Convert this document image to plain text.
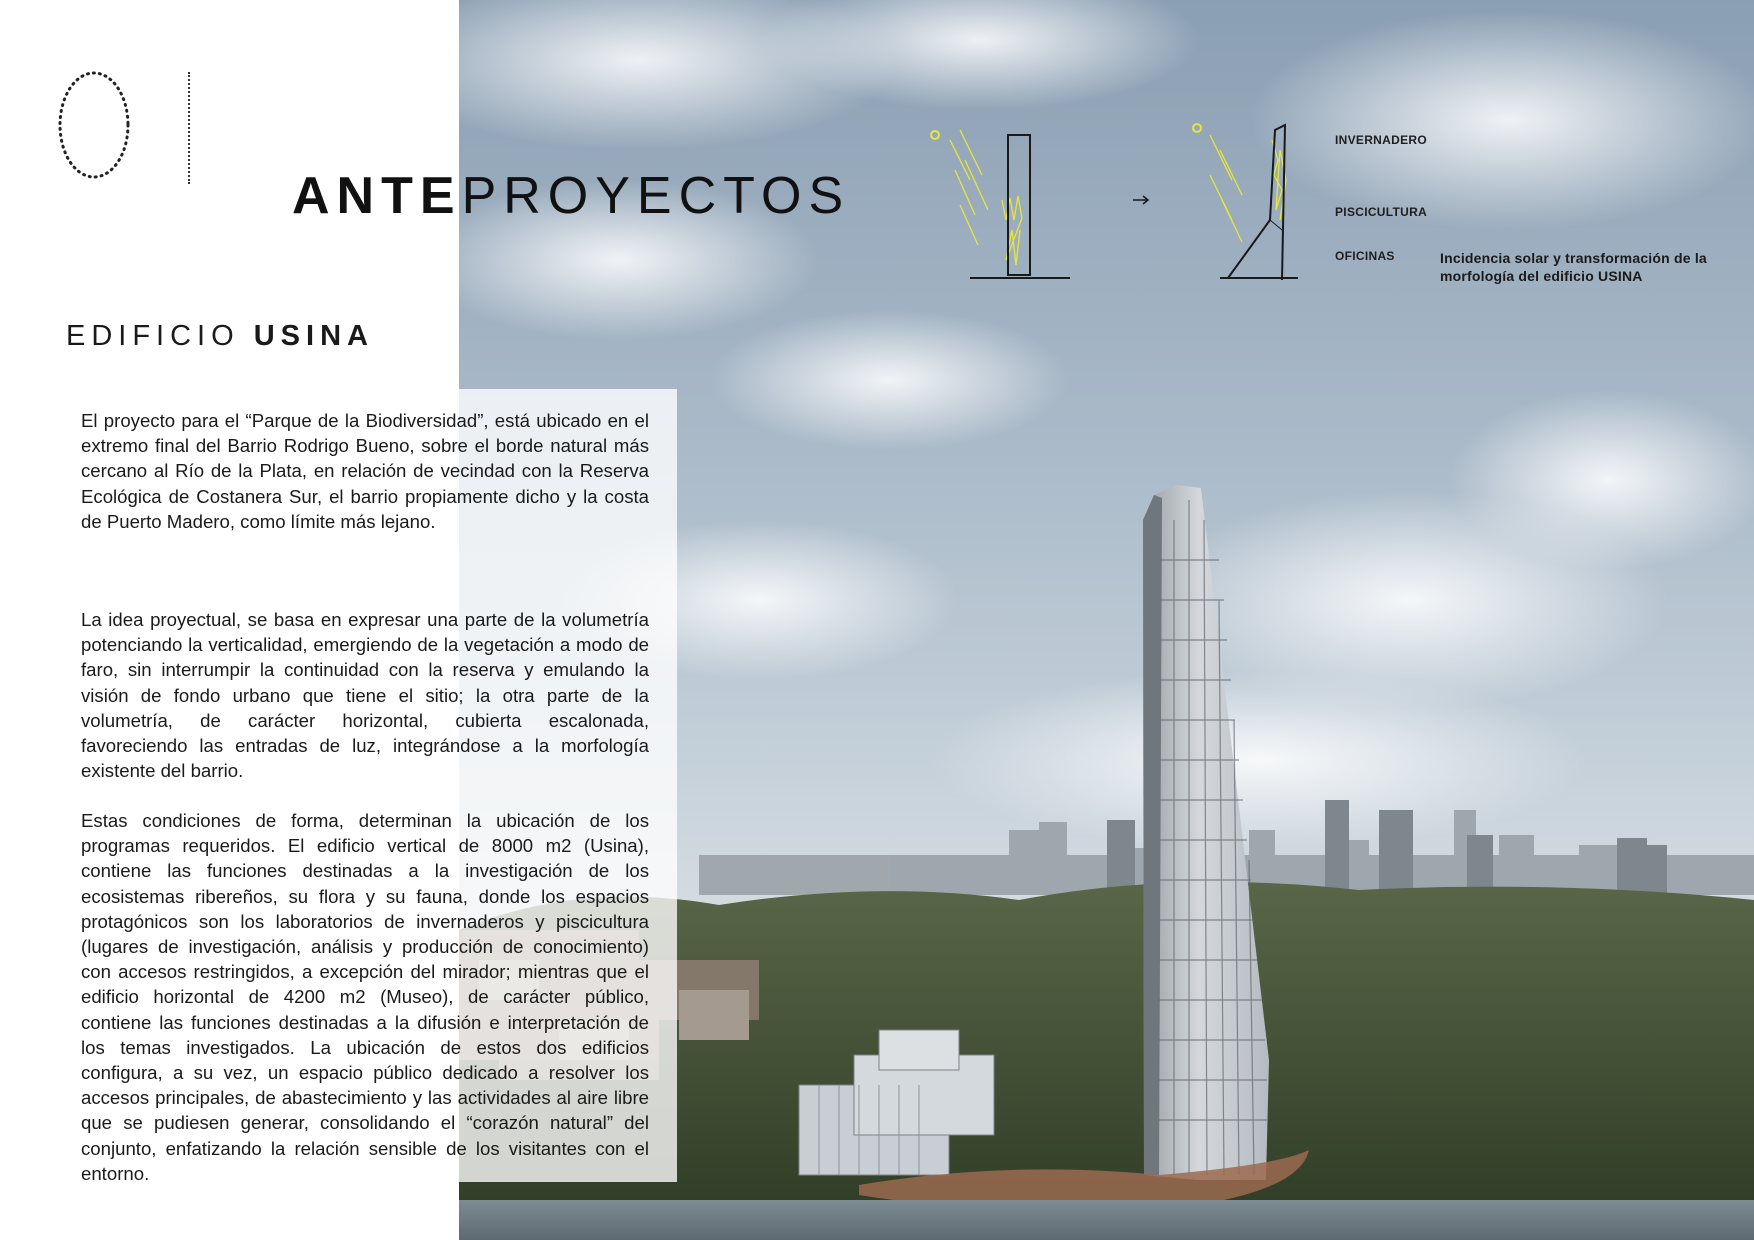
ANTEPROYECTOS
EDIFICIO USINA

El proyecto para el “Parque de la Biodiversidad”, está ubicado en el extremo final del Barrio Rodrigo Bueno, sobre el borde natural más cercano al Río de la Plata, en relación de vecindad con la Reserva Ecológica de Costanera Sur, el barrio propiamente dicho y la costa de Puerto Madero, como límite más lejano.

La idea proyectual, se basa en expresar una parte de la volumetría potenciando la verticalidad, emergiendo de la vegetación a modo de faro, sin interrumpir la continuidad con la reserva y emulando la visión de fondo urbano que tiene el sitio; la otra parte de la volumetría, de carácter horizontal, cubierta escalonada, favoreciendo las entradas de luz, integrándose a la morfología existente del barrio.

Estas condiciones de forma, determinan la ubicación de los programas requeridos. El edificio vertical de 8000 m2 (Usina), contiene las funciones destinadas a la investigación de los ecosistemas ribereños, su flora y su fauna, donde los espacios protagónicos son los laboratorios de invernaderos y piscicultura (lugares de investigación, análisis y producción de conocimiento) con accesos restringidos, a excepción del mirador; mientras que el edificio horizontal de 4200 m2 (Museo), de carácter público, contiene las funciones destinadas a la difusión e interpretación de los temas investigados. La ubicación de estos dos edificios configura, a su vez, un espacio público dedicado a resolver los accesos principales, de abastecimiento y las actividades al aire libre que se pudiesen generar, consolidando el “corazón natural” del conjunto, enfatizando la relación sensible de los visitantes con el entorno.

INVERNADERO
PISCICULTURA
OFICINAS	Incidencia solar y transformación de la morfología del edificio USINA
